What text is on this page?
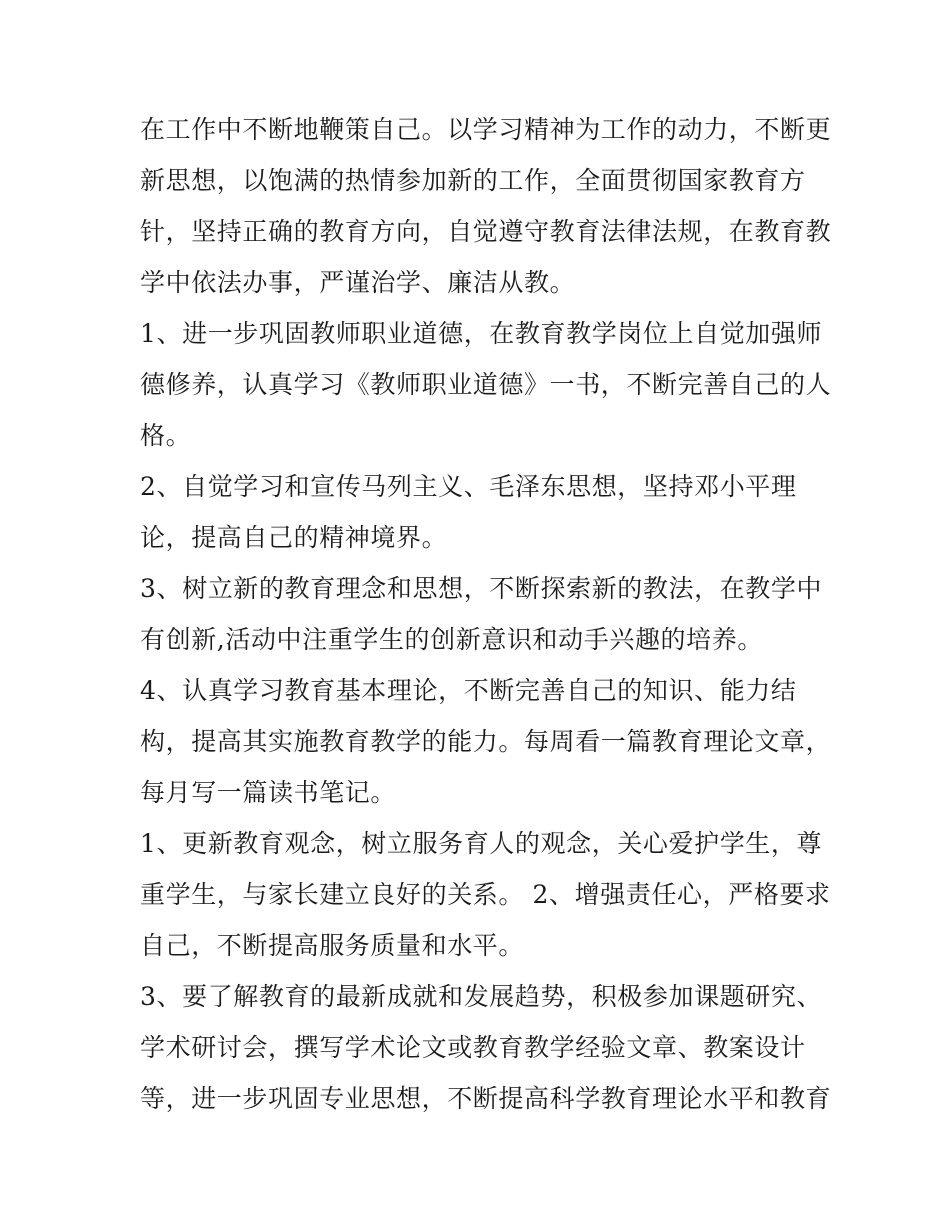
在工作中不断地鞭策自己。以学习精神为工作的动力，不断更
新思想，以饱满的热情参加新的工作，全面贯彻国家教育方
针，坚持正确的教育方向，自觉遵守教育法律法规，在教育教
学中依法办事，严谨治学、廉洁从教。
1、进一步巩固教师职业道德，在教育教学岗位上自觉加强师
德修养，认真学习《教师职业道德》一书，不断完善自己的人
格。
2、自觉学习和宣传马列主义、毛泽东思想，坚持邓小平理
论，提高自己的精神境界。
3、树立新的教育理念和思想，不断探索新的教法，在教学中
有创新,活动中注重学生的创新意识和动手兴趣的培养。
4、认真学习教育基本理论，不断完善自己的知识、能力结
构，提高其实施教育教学的能力。每周看一篇教育理论文章，
每月写一篇读书笔记。
1、更新教育观念，树立服务育人的观念，关心爱护学生，尊
重学生，与家长建立良好的关系。 2、增强责任心，严格要求
自己，不断提高服务质量和水平。
3、要了解教育的最新成就和发展趋势，积极参加课题研究、
学术研讨会，撰写学术论文或教育教学经验文章、教案设计
等，进一步巩固专业思想，不断提高科学教育理论水平和教育
